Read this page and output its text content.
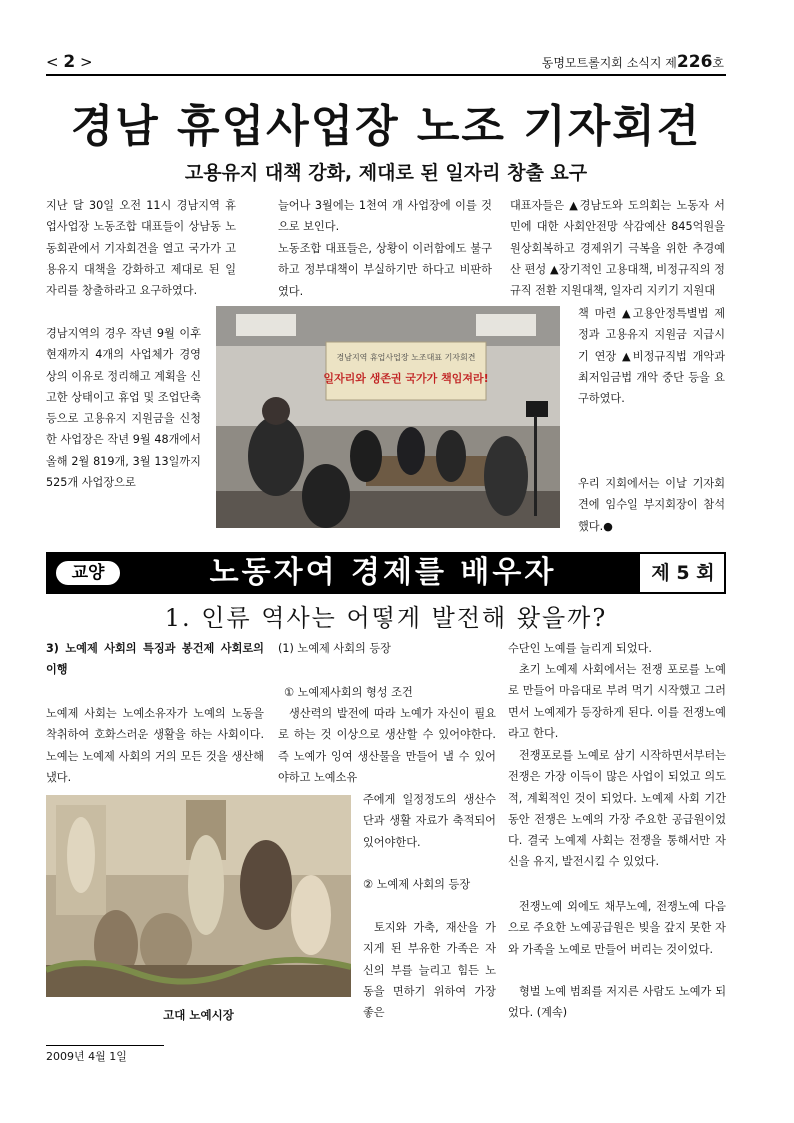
< 2 >	동명모트롤지회 소식지 제226호
경남 휴업사업장 노조 기자회견
고용유지 대책 강화, 제대로 된 일자리 창출 요구
지난 달 30일 오전 11시 경남지역 휴업사업장 노동조합 대표들이 상남동 노동회관에서 기자회견을 열고 국가가 고용유지 대책을 강화하고 제대로 된 일자리를 창출하라고 요구하였다.
경남지역의 경우 작년 9월 이후 현재까지 4개의 사업체가 경영상의 이유로 정리해고 계획을 신고한 상태이고 휴업 및 조업단축 등으로 고용유지 지원금을 신청한 사업장은 작년 9월 48개에서 올해 2월 819개, 3월 13일까지 525개 사업장으로
늘어나 3월에는 1천여 개 사업장에 이를 것으로 보인다.
노동조합 대표들은, 상황이 이러함에도 불구하고 정부대책이 부실하기만 하다고 비판하였다.
대표자들은 ▲경남도와 도의회는 노동자 서민에 대한 사회안전망 삭감예산 845억원을 원상회복하고 경제위기 극복을 위한 추경예산 편성 ▲장기적인 고용대책, 비정규직의 정규직 전환 지원대책, 일자리 지키기 지원대
책 마련 ▲고용안정특별법 제정과 고용유지 지원금 지급시기 연장 ▲비정규직법 개악과 최저임금법 개악 중단 등을 요구하였다.
우리 지회에서는 이날 기자회견에 임수일 부지회장이 참석했다.●
경남지역 휴업사업장 노조대표 기자회견
일자리와 생존권 국가가 책임져라!
교양	노동자여 경제를 배우자	제 5 회
1. 인류 역사는 어떻게 발전해 왔을까?
3) 노예제 사회의 특징과 봉건제 사회로의 이행
노예제 사회는 노예소유자가 노예의 노동을 착취하여 호화스러운 생활을 하는 사회이다. 노예는 노예제 사회의 거의 모든 것을 생산해 냈다.
고대 노예시장
(1) 노예제 사회의 등장
① 노예제사회의 형성 조건
생산력의 발전에 따라 노예가 자신이 필요로 하는 것 이상으로 생산할 수 있어야한다. 즉 노예가 잉여 생산물을 만들어 낼 수 있어야하고 노예소유
주에게 일정정도의 생산수단과 생활 자료가 축적되어 있어야한다.
② 노예제 사회의 등장
토지와 가축, 재산을 가지게 된 부유한 가족은 자신의 부를 늘리고 힘든 노동을 면하기 위하여 가장 좋은
수단인 노예를 늘리게 되었다.
초기 노예제 사회에서는 전쟁 포로를 노예로 만들어 마음대로 부려 먹기 시작했고 그러면서 노예제가 등장하게 된다. 이를 전쟁노예라고 한다.
전쟁포로를 노예로 삼기 시작하면서부터는 전쟁은 가장 이득이 많은 사업이 되었고 의도적, 계획적인 것이 되었다. 노예제 사회 기간 동안 전쟁은 노예의 가장 주요한 공급원이었다. 결국 노예제 사회는 전쟁을 통해서만 자신을 유지, 발전시킬 수 있었다.
전쟁노예 외에도 채무노예, 전쟁노예 다음으로 주요한 노예공급원은 빚을 갚지 못한 자와 가족을 노예로 만들어 버리는 것이었다.
형벌 노예 범죄를 저지른 사람도 노예가 되었다. (계속)
2009년 4월 1일
